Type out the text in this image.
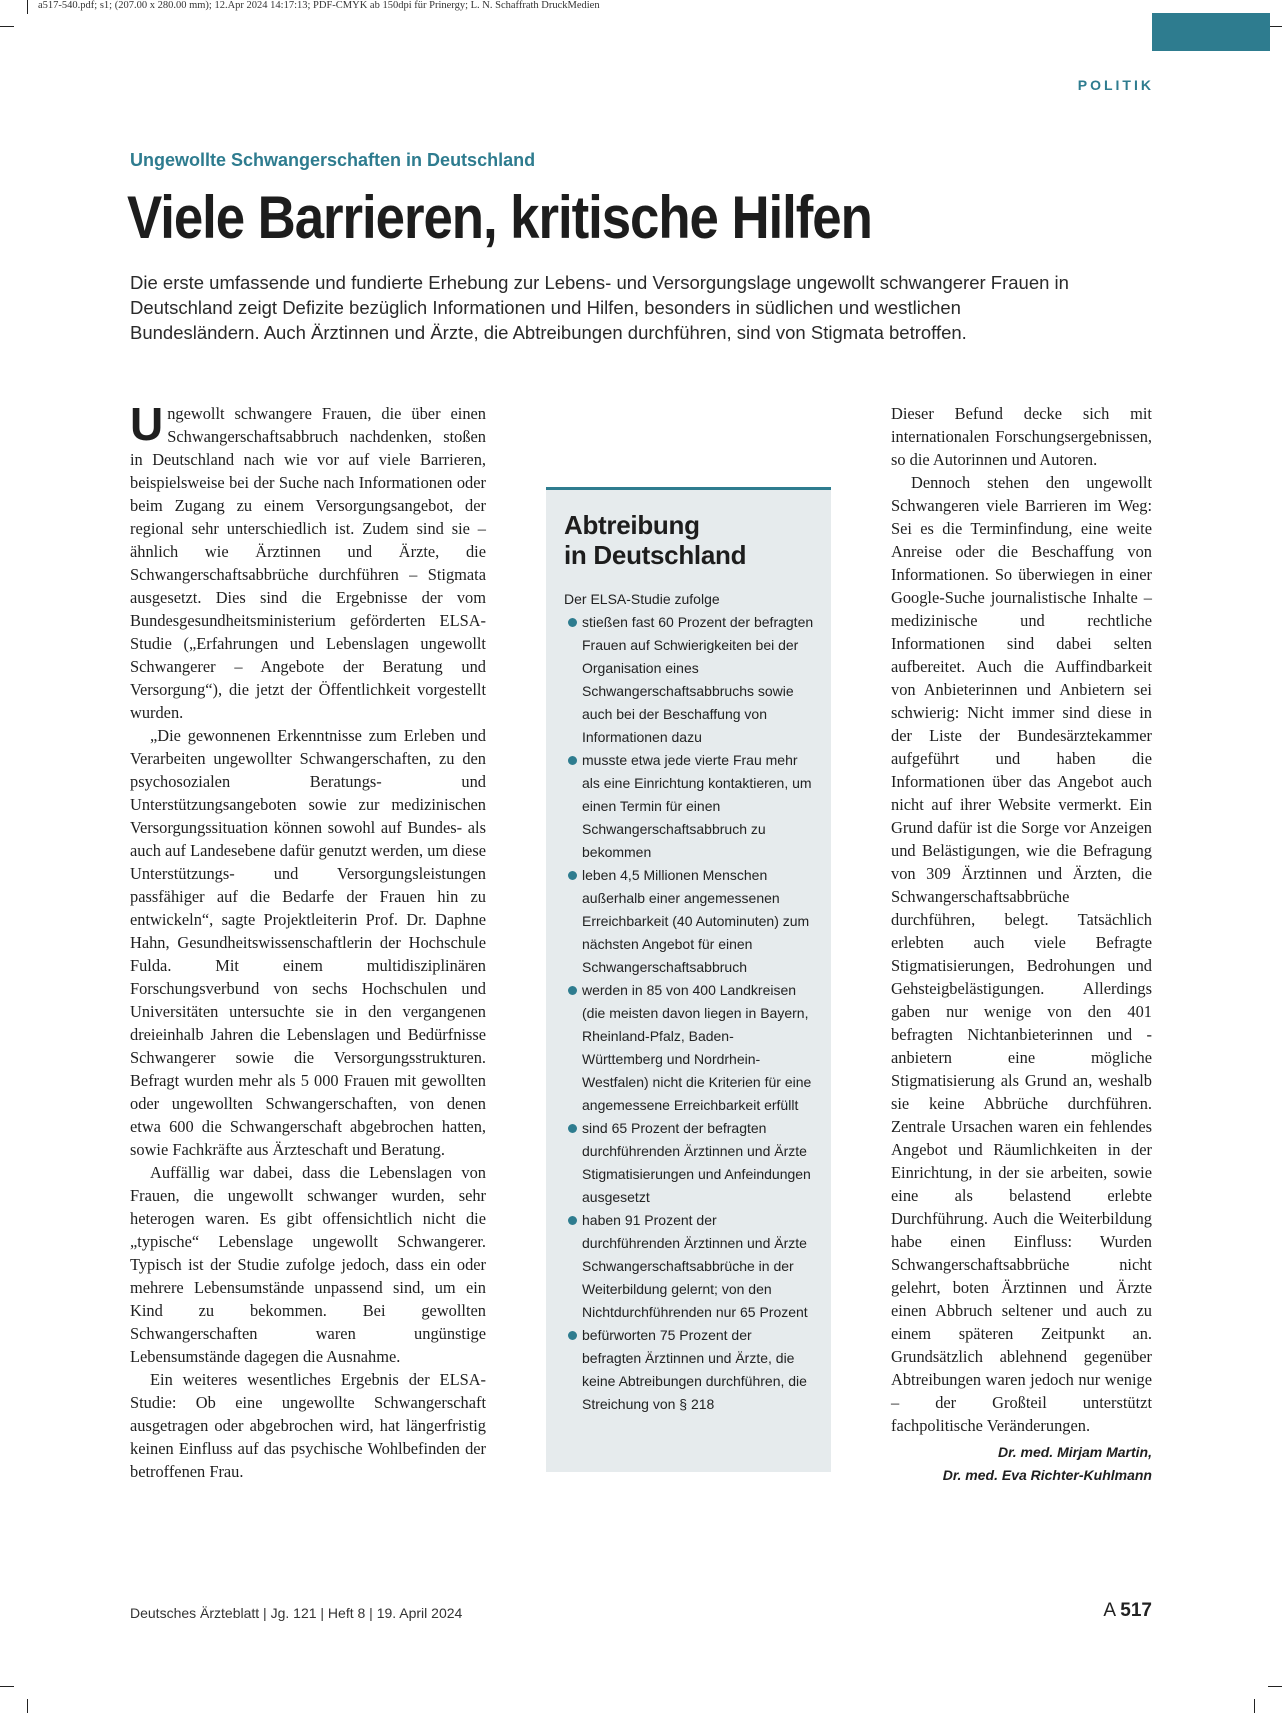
a517-540.pdf; s1; (207.00 x 280.00 mm); 12.Apr 2024 14:17:13; PDF-CMYK ab 150dpi für Prinergy; L. N. Schaffrath DruckMedien
POLITIK
Ungewollte Schwangerschaften in Deutschland
Viele Barrieren, kritische Hilfen

Die erste umfassende und fundierte Erhebung zur Lebens- und Versorgungslage ungewollt schwangerer Frauen in Deutschland zeigt Defizite bezüglich Informationen und Hilfen, besonders in südlichen und westlichen Bundesländern. Auch Ärztinnen und Ärzte, die Abtreibungen durchführen, sind von Stigmata betroffen.

Ungewollt schwangere Frauen, die über einen Schwangerschaftsabbruch nachdenken, stoßen in Deutschland nach wie vor auf viele Barrieren, beispielsweise bei der Suche nach Informationen oder beim Zugang zu einem Versorgungsangebot, der regional sehr unterschiedlich ist. Zudem sind sie – ähnlich wie Ärztinnen und Ärzte, die Schwangerschaftsabbrüche durchführen – Stigmata ausgesetzt. Dies sind die Ergebnisse der vom Bundesgesundheitsministerium geförderten ELSA-Studie („Erfahrungen und Lebenslagen ungewollt Schwangerer – Angebote der Beratung und Versorgung“), die jetzt der Öffentlichkeit vorgestellt wurden.

„Die gewonnenen Erkenntnisse zum Erleben und Verarbeiten ungewollter Schwangerschaften, zu den psychosozialen Beratungs- und Unterstützungsangeboten sowie zur medizinischen Versorgungssituation können sowohl auf Bundes- als auch auf Landesebene dafür genutzt werden, um diese Unterstützungs- und Versorgungsleistungen passfähiger auf die Bedarfe der Frauen hin zu entwickeln“, sagte Projektleiterin Prof. Dr. Daphne Hahn, Gesundheitswissenschaftlerin der Hochschule Fulda. Mit einem multidisziplinären Forschungsverbund von sechs Hochschulen und Universitäten untersuchte sie in den vergangenen dreieinhalb Jahren die Lebenslagen und Bedürfnisse Schwangerer sowie die Versorgungsstrukturen. Befragt wurden mehr als 5 000 Frauen mit gewollten oder ungewollten Schwangerschaften, von denen etwa 600 die Schwangerschaft abgebrochen hatten, sowie Fachkräfte aus Ärzteschaft und Beratung.

Auffällig war dabei, dass die Lebenslagen von Frauen, die ungewollt schwanger wurden, sehr heterogen waren. Es gibt offensichtlich nicht die „typische“ Lebenslage ungewollt Schwangerer. Typisch ist der Studie zufolge jedoch, dass ein oder mehrere Lebensumstände unpassend sind, um ein Kind zu bekommen. Bei gewollten Schwangerschaften waren ungünstige Lebensumstände dagegen die Ausnahme.

Ein weiteres wesentliches Ergebnis der ELSA-Studie: Ob eine ungewollte Schwangerschaft ausgetragen oder abgebrochen wird, hat längerfristig keinen Einfluss auf das psychische Wohlbefinden der betroffenen Frau.

Abtreibung
in Deutschland

Der ELSA-Studie zufolge

stießen fast 60 Prozent der befragten Frauen auf Schwierigkeiten bei der Organisation eines Schwangerschaftsabbruchs sowie auch bei der Beschaffung von Informationen dazu
musste etwa jede vierte Frau mehr als eine Einrichtung kontaktieren, um einen Termin für einen Schwangerschaftsabbruch zu bekommen
leben 4,5 Millionen Menschen außerhalb einer angemessenen Erreichbarkeit (40 Autominuten) zum nächsten Angebot für einen Schwangerschaftsabbruch
werden in 85 von 400 Landkreisen (die meisten davon liegen in Bayern, Rheinland-Pfalz, Baden-Württemberg und Nordrhein-Westfalen) nicht die Kriterien für eine angemessene Erreichbarkeit erfüllt
sind 65 Prozent der befragten durchführenden Ärztinnen und Ärzte Stigmatisierungen und Anfeindungen ausgesetzt
haben 91 Prozent der durchführenden Ärztinnen und Ärzte Schwangerschaftsabbrüche in der Weiterbildung gelernt; von den Nichtdurchführenden nur 65 Prozent
befürworten 75 Prozent der befragten Ärztinnen und Ärzte, die keine Abtreibungen durchführen, die Streichung von § 218

Dieser Befund decke sich mit internationalen Forschungsergebnissen, so die Autorinnen und Autoren.

Dennoch stehen den ungewollt Schwangeren viele Barrieren im Weg: Sei es die Terminfindung, eine weite Anreise oder die Beschaffung von Informationen. So überwiegen in einer Google-Suche journalistische Inhalte – medizinische und rechtliche Informationen sind dabei selten aufbereitet. Auch die Auffindbarkeit von Anbieterinnen und Anbietern sei schwierig: Nicht immer sind diese in der Liste der Bundesärztekammer aufgeführt und haben die Informationen über das Angebot auch nicht auf ihrer Website vermerkt. Ein Grund dafür ist die Sorge vor Anzeigen und Belästigungen, wie die Befragung von 309 Ärztinnen und Ärzten, die Schwangerschaftsabbrüche durchführen, belegt. Tatsächlich erlebten auch viele Befragte Stigmatisierungen, Bedrohungen und Gehsteigbelästigungen. Allerdings gaben nur wenige von den 401 befragten Nichtanbieterinnen und -anbietern eine mögliche Stigmatisierung als Grund an, weshalb sie keine Abbrüche durchführen. Zentrale Ursachen waren ein fehlendes Angebot und Räumlichkeiten in der Einrichtung, in der sie arbeiten, sowie eine als belastend erlebte Durchführung. Auch die Weiterbildung habe einen Einfluss: Wurden Schwangerschaftsabbrüche nicht gelehrt, boten Ärztinnen und Ärzte einen Abbruch seltener und auch zu einem späteren Zeitpunkt an. Grundsätzlich ablehnend gegenüber Abtreibungen waren jedoch nur wenige – der Großteil unterstützt fachpolitische Veränderungen.

Dr. med. Mirjam Martin,
Dr. med. Eva Richter-Kuhlmann
Deutsches Ärzteblatt | Jg. 121 | Heft 8 | 19. April 2024	A 517
